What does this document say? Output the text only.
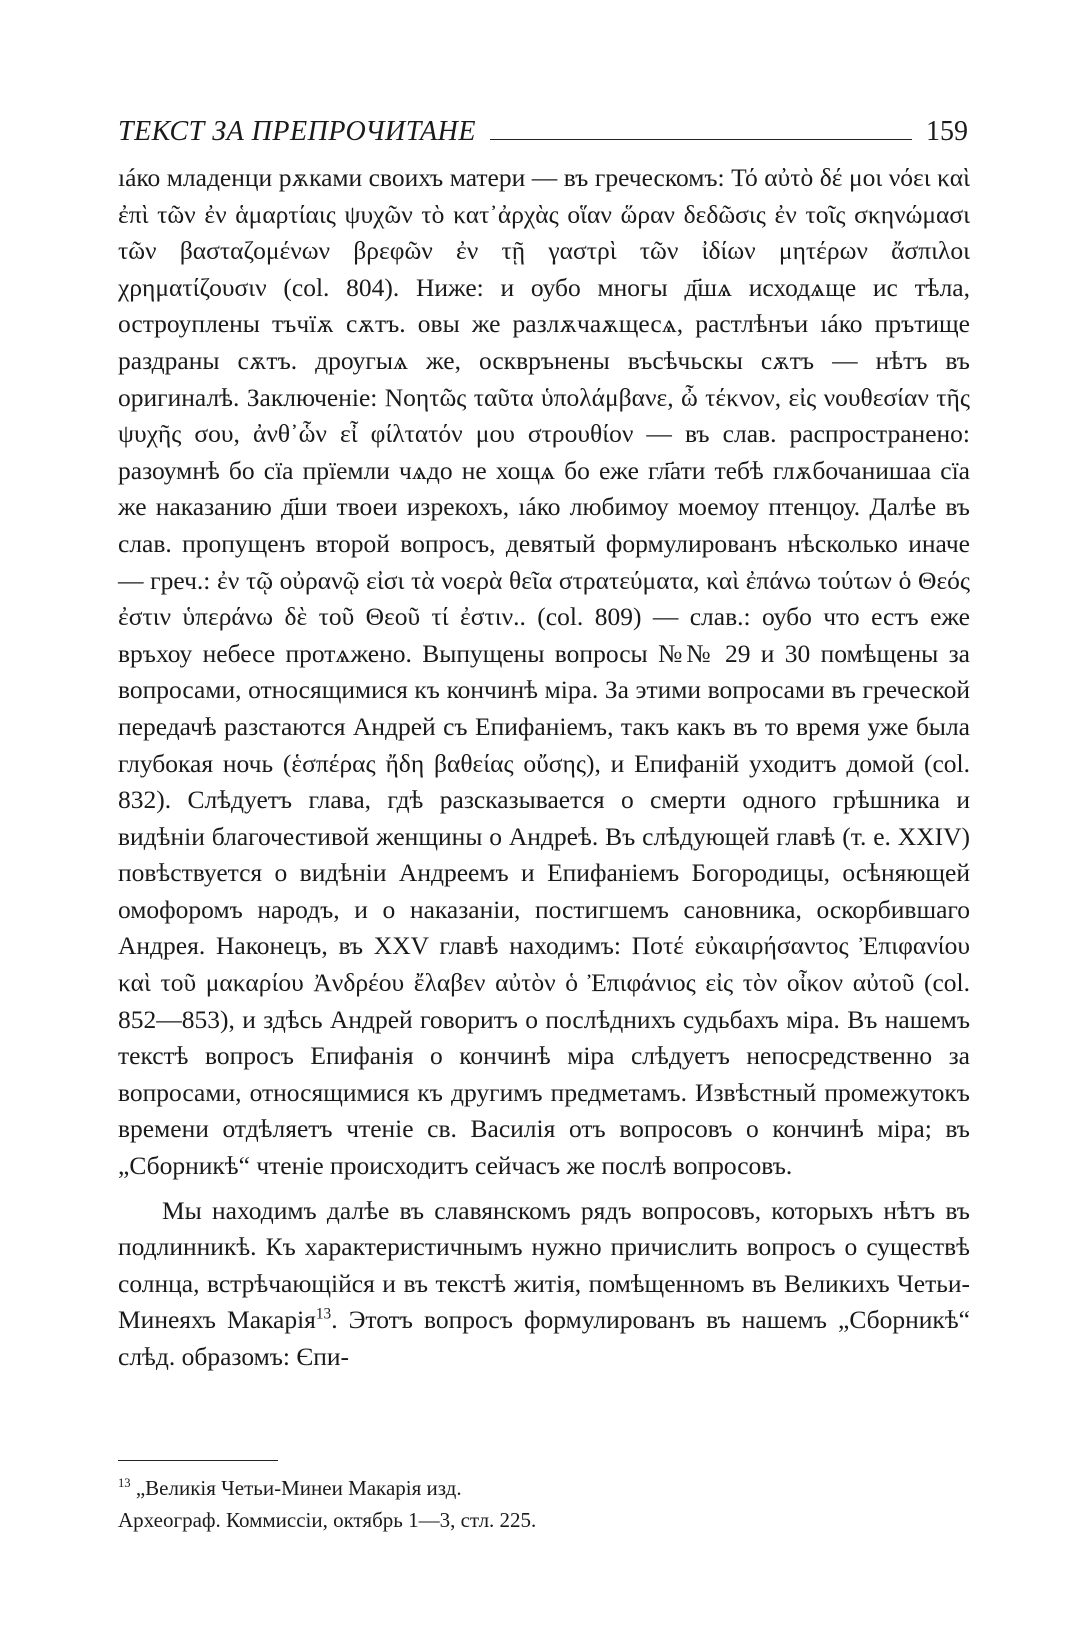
ТЕКСТ ЗА ПРЕПРОЧИТАНЕ	159

ıáко младенци рѫками своихъ матери — въ греческомъ: Τό αὐτὸ δέ μοι νόει καὶ ἐπὶ τῶν ἐν ἁμαρτίαις ψυχῶν τὸ κατ᾽ἀρχὰς οἵαν ὥραν δεδῶσις ἐν τοῖς σκηνώμασι τῶν βασταζομένων βρεφῶν ἐν τῇ γαστρὶ τῶν ἰδίων μητέρων ἄσπιλοι χρηματίζουσιν (col. 804). Ниже: и оубо многы д҃шѧ исходѧще ис тѣла, остроуплены тъчїѫ сѫтъ. овы же разлѫчаѫщесѧ, растлѣнъи ıáко прътище раздраны сѫтъ. дроугыѧ же, оскврънены въсѣчьскы сѫтъ — нѣтъ въ оригиналѣ. Заключенiе: Νοητῶς ταῦτα ὑπολάμβανε, ὦ τέκνον, εἰς νουθεσίαν τῆς ψυχῆς σου, ἀνθ᾽ὧν εἶ φίλτατόν μου στρουθίον — въ слав. распространено: разоумнѣ бо сїа прїемли чѧдо не хощѧ бо еже гл҃ати тебѣ глѫбочанишаа сїа же наказанию д҃ши твоеи изрекохъ, ıáко любимоу моемоу птенцоу. Далѣе въ слав. пропущенъ второй вопросъ, девятый формулированъ нѣсколько иначе — греч.: ἐν τῷ οὐρανῷ εἰσι τὰ νοερὰ θεῖα στρατεύματα, καὶ ἐπάνω τούτων ὁ Θεός ἐστιν ὑπεράνω δὲ τοῦ Θεοῦ τί ἐστιν.. (col. 809) — слав.: оубо что естъ еже връхоу небесе протѧжено. Выпущены вопросы №№ 29 и 30 помѣщены за вопросами, относящимися къ кончинѣ мiра. За этими вопросами въ греческой передачѣ разстаются Андрей съ Епифанiемъ, такъ какъ въ то время уже была глубокая ночь (ἑσπέρας ἤδη βαθείας οὔσης), и Епифанiй уходитъ домой (col. 832). Слѣдуетъ глава, гдѣ разсказывается о смерти одного грѣшника и видѣнiи благочестивой женщины о Андреѣ. Въ слѣдующей главѣ (т. е. XXIV) повѣствуется о видѣнiи Андреемъ и Епифанiемъ Богородицы, осѣняющей омофоромъ народъ, и о наказанiи, постигшемъ сановника, оскорбившаго Андрея. Наконецъ, въ XXV главѣ находимъ: Ποτέ εὐκαιρήσαντος Ἐπιφανίου καὶ τοῦ μακαρίου Ἀνδρέου ἔλαβεν αὐτὸν ὁ Ἐπιφάνιος εἰς τὸν οἶκον αὐτοῦ (col. 852—853), и здѣсь Андрей говоритъ о послѣднихъ судьбахъ мiра. Въ нашемъ текстѣ вопросъ Епифанiя о кончинѣ мiра слѣдуетъ непосредственно за вопросами, относящимися къ другимъ предметамъ. Извѣстный промежутокъ времени отдѣляетъ чтенiе св. Василiя отъ вопросовъ о кончинѣ мiра; въ „Сборникѣ“ чтенiе происходитъ сейчасъ же послѣ вопросовъ.

Мы находимъ далѣе въ славянскомъ рядъ вопросовъ, которыхъ нѣтъ въ подлинникѣ. Къ характеристичнымъ нужно причислить вопросъ о существѣ солнца, встрѣчающiйся и въ текстѣ житiя, помѣщенномъ въ Великихъ Четьи-Минеяхъ Макарiя$^{13}$. Этотъ вопросъ формулированъ въ нашемъ „Сборникѣ“ слѣд. образомъ: Єпи-

$^{13}$ „Великiя Четьи-Минеи Макарiя изд. Археограф. Коммиссiи, октябрь 1—3, стл. 225.
